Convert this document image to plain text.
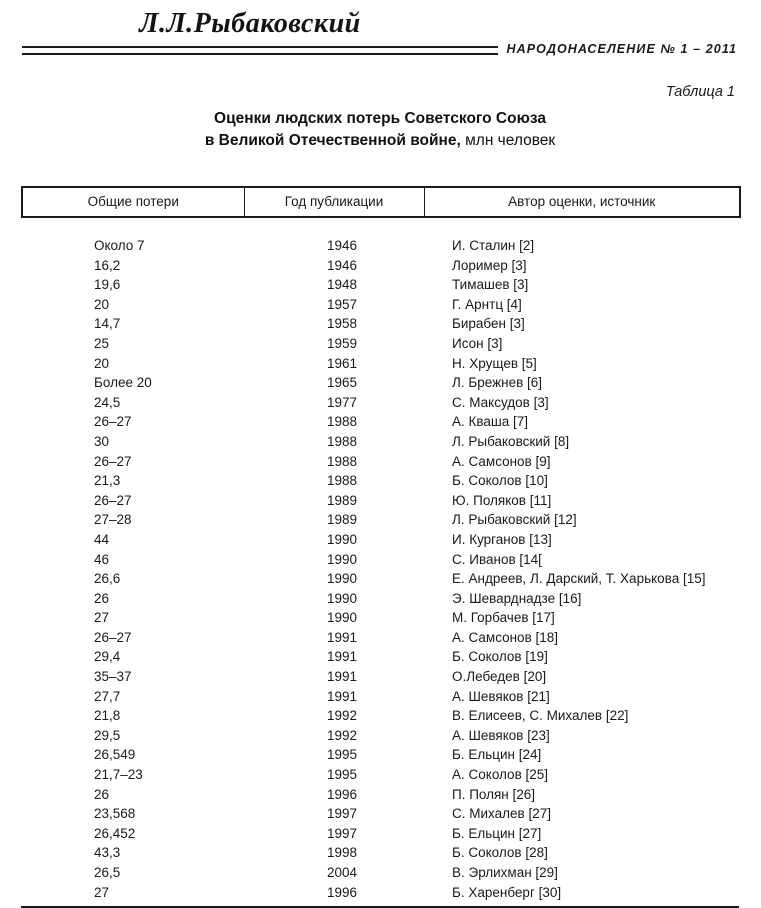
Л.Л.Рыбаковский
НАРОДОНАСЕЛЕНИЕ № 1 – 2011
Таблица 1
Оценки людских потерь Советского Союза
в Великой Отечественной войне, млн человек
Общие потери	Год публикации	Автор оценки, источник

Около 7	1946	И. Сталин [2]
16,2	1946	Лоример [3]
19,6	1948	Тимашев [3]
20	1957	Г. Арнтц [4]
14,7	1958	Бирабен [3]
25	1959	Исон [3]
20	1961	Н. Хрущев [5]
Более 20	1965	Л. Брежнев [6]
24,5	1977	С. Максудов [3]
26–27	1988	А. Кваша [7]
30	1988	Л. Рыбаковский [8]
26–27	1988	А. Самсонов [9]
21,3	1988	Б. Соколов [10]
26–27	1989	Ю. Поляков [11]
27–28	1989	Л. Рыбаковский [12]
44	1990	И. Курганов [13]
46	1990	С. Иванов [14[
26,6	1990	Е. Андреев, Л. Дарский, Т. Харькова [15]
26	1990	Э. Шеварднадзе [16]
27	1990	М. Горбачев [17]
26–27	1991	А. Самсонов [18]
29,4	1991	Б. Соколов [19]
35–37	1991	О.Лебедев [20]
27,7	1991	А. Шевяков [21]
21,8	1992	В. Елисеев, С. Михалев [22]
29,5	1992	А. Шевяков [23]
26,549	1995	Б. Ельцин [24]
21,7–23	1995	А. Соколов [25]
26	1996	П. Полян [26]
23,568	1997	С. Михалев [27]
26,452	1997	Б. Ельцин [27]
43,3	1998	Б. Соколов [28]
26,5	2004	В. Эрлихман [29]
27	1996	Б. Харенберг [30]
